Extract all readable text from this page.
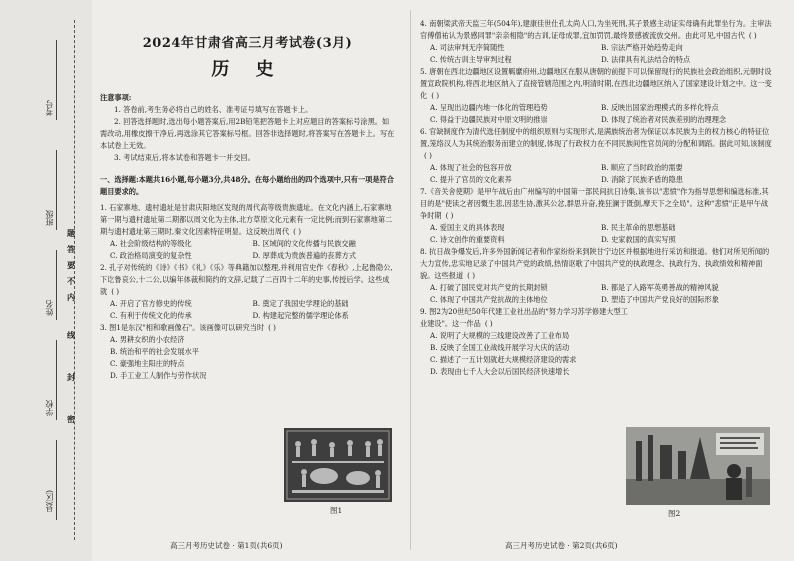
考号
班级
姓名
学校
县(区)
题
答
要
不
内
线
封
密
2024年甘肃省高三月考试卷(3月)
历 史
注意事项:

1. 答卷前,考生务必将自己的姓名、准考证号填写在答题卡上。

2. 回答选择题时,选出每小题答案后,用2B铅笔把答题卡上对应题目的答案标号涂黑。如需改动,用橡皮擦干净后,再选涂其它答案标号框。回答非选择题时,将答案写在答题卡上。写在本试卷上无效。

3. 考试结束后,将本试卷和答题卡一并交回。

一、选择题:本题共16小题,每小题3分,共48分。在每小题给出的四个选项中,只有一项是符合题目要求的。

1. 石家寨地、遗村遗址是甘肃庆阳地区发现的周代高等级贵族遗址。在文化内涵上,石家寨地第一期与遗村遗址第二期都以周文化为主体,北方草原文化元素有一定比例;而到石家寨地第二期与遗村遗址第三期时,秦文化因素特征明显。这反映出周代 ( )

A. 社会阶级结构的等级化	B. 区域间的文化传播与民族交融
C. 政治格局演变的复杂性	D. 厚葬成为贵族普遍的丧葬方式

2. 孔子对传统的《诗》《书》《礼》《乐》等典籍加以整理,并利用官史作《春秋》,上起鲁隐公,下讫鲁哀公,十二公,以编年体裁和简约的文辞,记载了二百四十二年的史事,传授后学。这些成就 ( )

A. 开启了官方修史的传统	B. 奠定了我国史学理论的基础
C. 有利于传统文化的传承	D. 构建起完整的儒学理论体系

3. 图1是东汉"相和歌画像石"。该画像可以研究当时 ( )

A. 男耕女织的小农经济
B. 统治和平的社会发展水平
C. 豪强地主阳庄的特点
D. 手工业工人制作与劳作状况
图1
高三月考历史试卷 · 第1页(共6页)

4. 南朝梁武帝天监三年(504年),建康佳世仕孔太尚人口,为坐死刑,其子景感主动证实母确有此罪坐行为。主审法官傅僧祐认为景感同罪"亲亲相隐"的古训,证母成罪,宜加罚罚,最终景感被流放交州。由此可见,中国古代 ( )

A. 司法审判无序简随性	B. 宗法严格开始趋势走向
C. 传统古训主导审判过程	D. 法律具有礼法结合的特点

5. 唐朝在西北边疆地区设置羁縻府州,边疆地区在服从唐朝的前提下可以保留现行的民族社会政治组织,元朝时设置宣政院机构,将西北地区纳入了直接管辖范围之内,明清时期,在西北边疆地区纳入了国家建设计划之中。这一变化 ( )

A. 呈现出边疆内地一体化的管理趋势	B. 反映出国家治理模式的多样化特点
C. 得益于边疆民族对中原文明的推崇	D. 体现了统治者对民族差别的治理理念

6. 官缺制度作为清代选任制度中的组织原则与实现形式,是满族统治者为保证以本民族为主的权力核心的特征位置,笼络汉人为其统治服务而建立的制度,体现了行政权力在不同民族间性官员间的分配和调蹈。据此可知,该制度( )

A. 体现了社会的包容开放	B. 顺应了当时政治的需要
C. 提升了官员的文化素养	D. 消除了民族矛盾的隐患

7.《音关舍使期》是甲午战后由广州编写的中国第一部民间抗日诗集,该书以"悲愤"作为指导思想和编选标准,其目的是"使读之者因慨生悲,因悲生协,激其公忿,群思升奋,挽狂澜于既倒,摩天下之全局"。这种"悲愤"正是甲午战争时期 ( )

A. 爱国主义的具体表现	B. 民主革命的思想基础
C. 诗文创作的重要资料	D. 史家救国的真实写照

8. 抗日战争爆发后,许多外国新闻记者和作家纷纷来到陕甘宁边区并根据地进行采访和报道。他们对所见所闻的大力宣传,忠实地记录了中国共产党的政绩,热情讴歌了中国共产党的执政理念、执政行为、执政绩效和精神面貌。这些报道 ( )

A. 打破了国民党对共产党的长期封锁	B. 都是了入路军英勇善战的精神风貌
C. 体现了中国共产党抗战的主体地位	D. 塑造了中国共产党良好的国际形象

9. 图2为20世纪50年代建工业社出品的"努力学习苏学修建大型工业建设"。这一作品 ( )

A. 说明了大规模的三线建设改善了工业布局
B. 反映了全国工业战线开展学习大庆的活动
C. 描述了一五计划就赶大规模经济建设的需求
D. 表现由七千人大会以后国民经济快速增长
图2
高三月考历史试卷 · 第2页(共6页)
